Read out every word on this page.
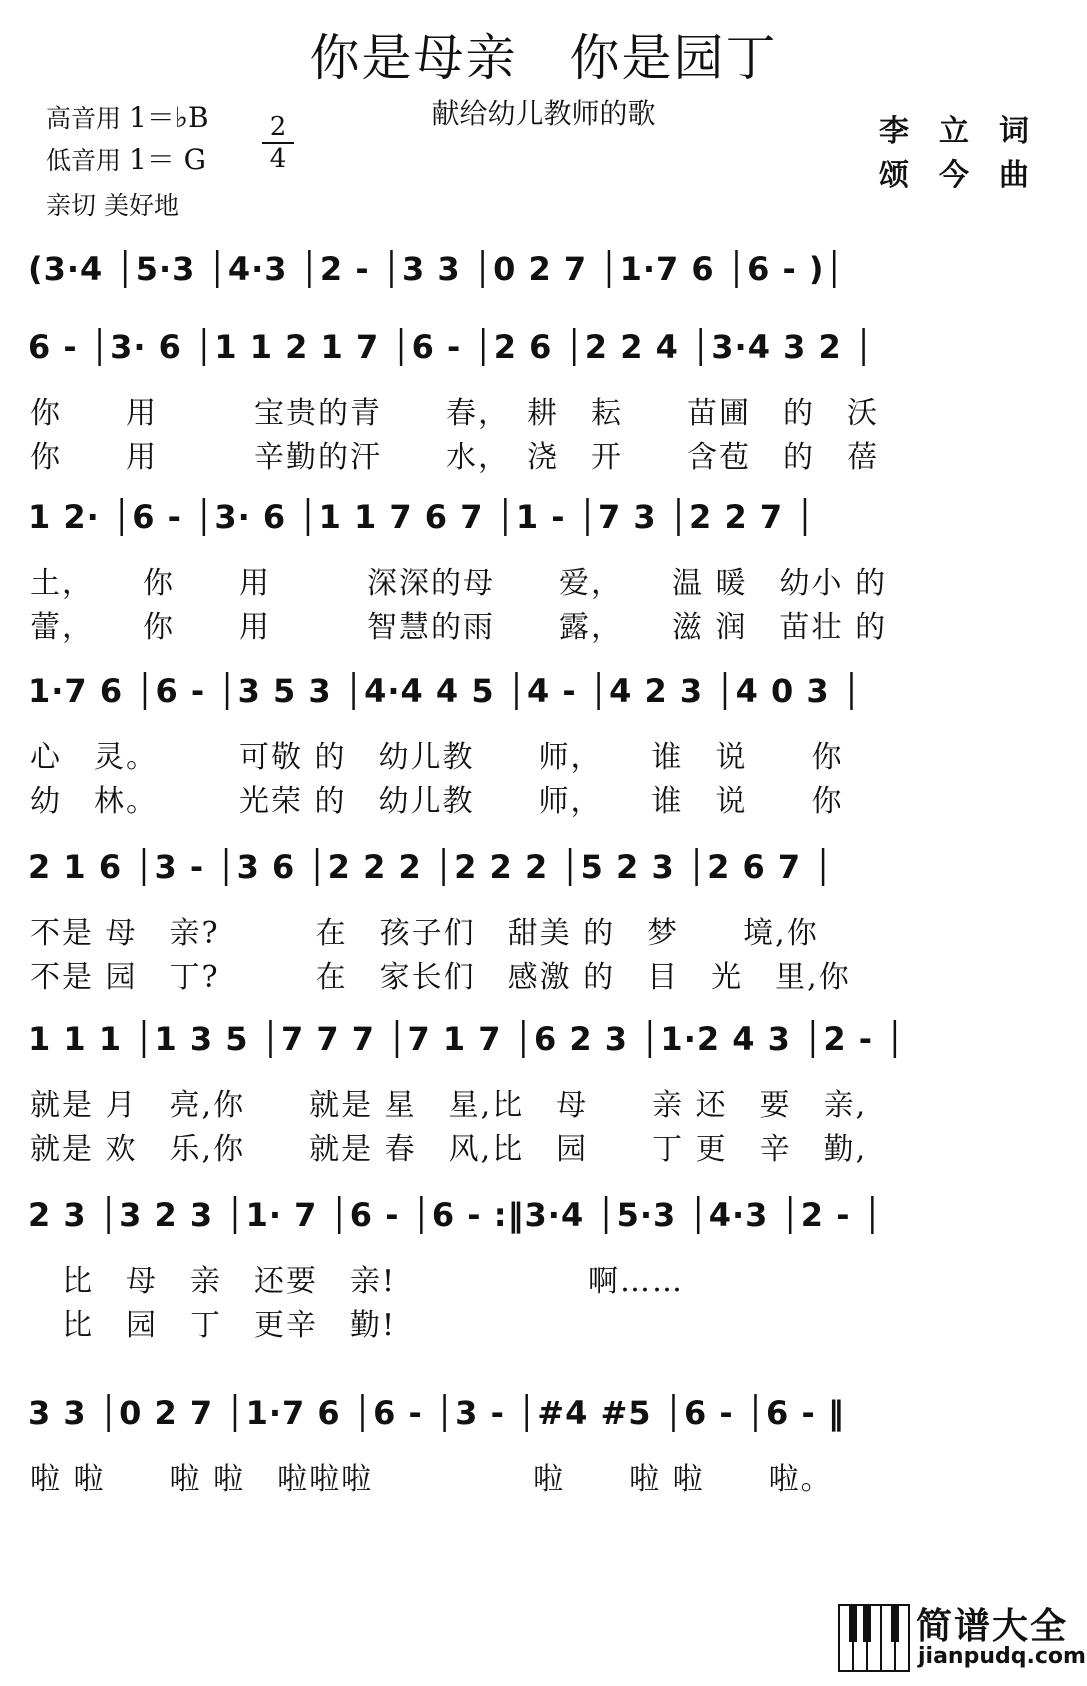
你是母亲　你是园丁
献给幼儿教师的歌
高音用 1＝♭B
低音用 1＝ G
2
4
亲切 美好地
李立词
颂今曲
(3·4 │5·3 │4·3 │2 - │3 3 │0 2 7 │1·7 6 │6 - )│
6 - │3· 6 │1 1 2 1 7 │6 - │2 6 │2 2 4 │3·4 3 2 │
你　　用　　　宝贵的青　　春，　耕　耘　　苗圃　的　沃
你　　用　　　辛勤的汗　　水，　浇　开　　含苞　的　蓓
1 2· │6 - │3· 6 │1 1 7 6 7 │1 - │7 3 │2 2 7 │
土，　　你　　用　　　深深的母　　爱，　　温 暖　幼小 的
蕾，　　你　　用　　　智慧的雨　　露，　　滋 润　苗壮 的
1·7 6 │6 - │3 5 3 │4·4 4 5 │4 - │4 2 3 │4 0 3 │
心　灵。　　　可敬 的　幼儿教　　师，　　谁　说　　你
幼　林。　　　光荣 的　幼儿教　　师，　　谁　说　　你
2 1 6 │3 - │3 6 │2 2 2 │2 2 2 │5 2 3 │2 6 7 │
不是 母　亲?　　　在　孩子们　甜美 的　梦　　境,你
不是 园　丁?　　　在　家长们　感激 的　目　光　里,你
1 1 1 │1 3 5 │7 7 7 │7 1 7 │6 2 3 │1·2 4 3 │2 - │
就是 月　亮,你　　就是 星　星,比　母　　亲 还　要　亲,
就是 欢　乐,你　　就是 春　风,比　园　　丁 更　辛　勤,
2 3 │3 2 3 │1· 7 │6 - │6 - :‖3·4 │5·3 │4·3 │2 - │
　比　母　亲　还要　亲!　　　　　　啊……
　比　园　丁　更辛　勤!
3 3 │0 2 7 │1·7 6 │6 - │3 - │#4 #5 │6 - │6 - ‖
啦 啦　　啦 啦　啦啦啦　　　　　啦　　啦 啦　　啦。
简谱大全
jianpudq.com
